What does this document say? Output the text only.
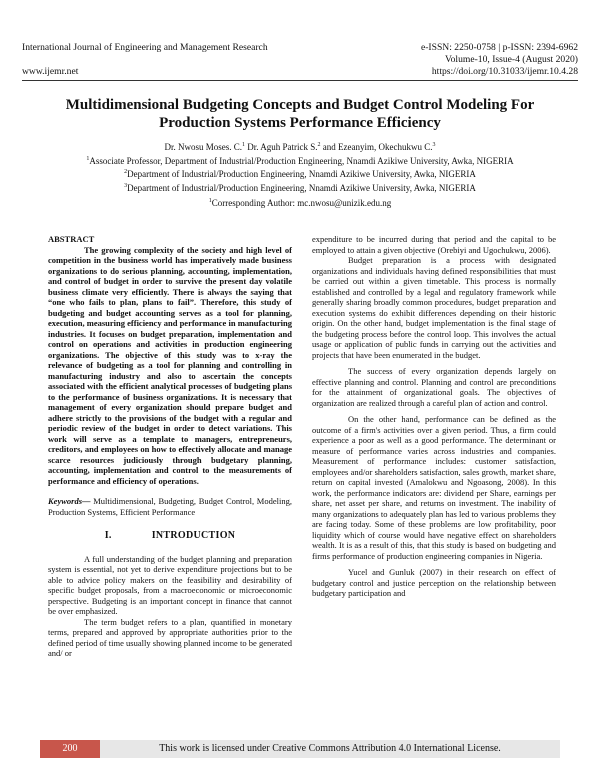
International Journal of Engineering and Management Research	e-ISSN: 2250-0758 | p-ISSN: 2394-6962
Volume-10, Issue-4 (August 2020)
www.ijemr.net	https://doi.org/10.31033/ijemr.10.4.28
Multidimensional Budgeting Concepts and Budget Control Modeling For
Production Systems Performance Efficiency
Dr. Nwosu Moses. C.$^1$ Dr. Aguh Patrick S.$^2$ and Ezeanyim, Okechukwu C.$^3$
$^1$Associate Professor, Department of Industrial/Production Engineering, Nnamdi Azikiwe University, Awka, NIGERIA
$^2$Department of Industrial/Production Engineering, Nnamdi Azikiwe University, Awka, NIGERIA
$^3$Department of Industrial/Production Engineering, Nnamdi Azikiwe University, Awka, NIGERIA
$^1$Corresponding Author: mc.nwosu@unizik.edu.ng

ABSTRACT

The growing complexity of the society and high level of competition in the business world has imperatively made business organizations to do serious planning, accounting, implementation, and control of budget in order to survive the present day volatile business climate very efficiently. There is always the saying that “one who fails to plan, plans to fail”. Therefore, this study of budgeting and budget accounting serves as a tool for planning, execution, measuring efficiency and performance in manufacturing industries. It focuses on budget preparation, implementation and control on operations and activities in production engineering organizations. The objective of this study was to x-ray the relevance of budgeting as a tool for planning and controlling in manufacturing industry and also to ascertain the concepts associated with the efficient analytical processes of budgeting plans to the performance of business organizations. It is necessary that management of every organization should prepare budget and adhere strictly to the provisions of the budget with a regular and periodic review of the budget in order to detect variations. This work will serve as a template to managers, entrepreneurs, creditors, and employees on how to effectively allocate and manage scarce resources judiciously through budgetary planning, accounting, implementation and control to the measurements of performance and efficiency of operations.

Keywords— Multidimensional, Budgeting, Budget Control, Modeling, Production Systems, Efficient Performance

I.	INTRODUCTION

A full understanding of the budget planning and preparation system is essential, not yet to derive expenditure projections but to be able to advice policy makers on the feasibility and desirability of specific budget proposals, from a macroeconomic or microeconomic perspective. Budgeting is an important concept in finance that cannot be over emphasized.

The term budget refers to a plan, quantified in monetary terms, prepared and approved by appropriate authorities prior to the defined period of time usually showing planned income to be generated and/ or

expenditure to be incurred during that period and the capital to be employed to attain a given objective (Orebiyi and Ugochukwu, 2006).

Budget preparation is a process with designated organizations and individuals having defined responsibilities that must be carried out within a given timetable. This process is normally established and controlled by a legal and regulatory framework while generally sharing broadly common procedures, budget preparation and execution systems do exhibit differences depending on their historic origin. On the other hand, budget implementation is the final stage of the budgeting process before the control loop. This involves the actual usage or application of public funds in carrying out the activities and projects that have been enumerated in the budget.

The success of every organization depends largely on effective planning and control. Planning and control are preconditions for the attainment of organizational goals. The objectives of organization are realized through a careful plan of action and control.

On the other hand, performance can be defined as the outcome of a firm's activities over a given period. Thus, a firm could experience a poor as well as a good performance. The determinant or measure of performance varies across industries and companies. Measurement of performance includes: customer satisfaction, employees and/or shareholders satisfaction, sales growth, market share, return on capital invested (Amalokwu and Ngoasong, 2008). In this work, the performance indicators are: dividend per Share, earnings per share, net asset per share, and returns on investment. The inability of many organizations to adequately plan has led to various problems they are facing today. Some of these problems are low profitability, poor liquidity which of course would have negative effect on shareholders wealth. It is as a result of this, that this study is based on budgeting and firms performance of production engineering companies in Nigeria.

Yucel and Gunluk (2007) in their research on effect of budgetary control and justice perception on the relationship between budgetary participation and

200	This work is licensed under Creative Commons Attribution 4.0 International License.
